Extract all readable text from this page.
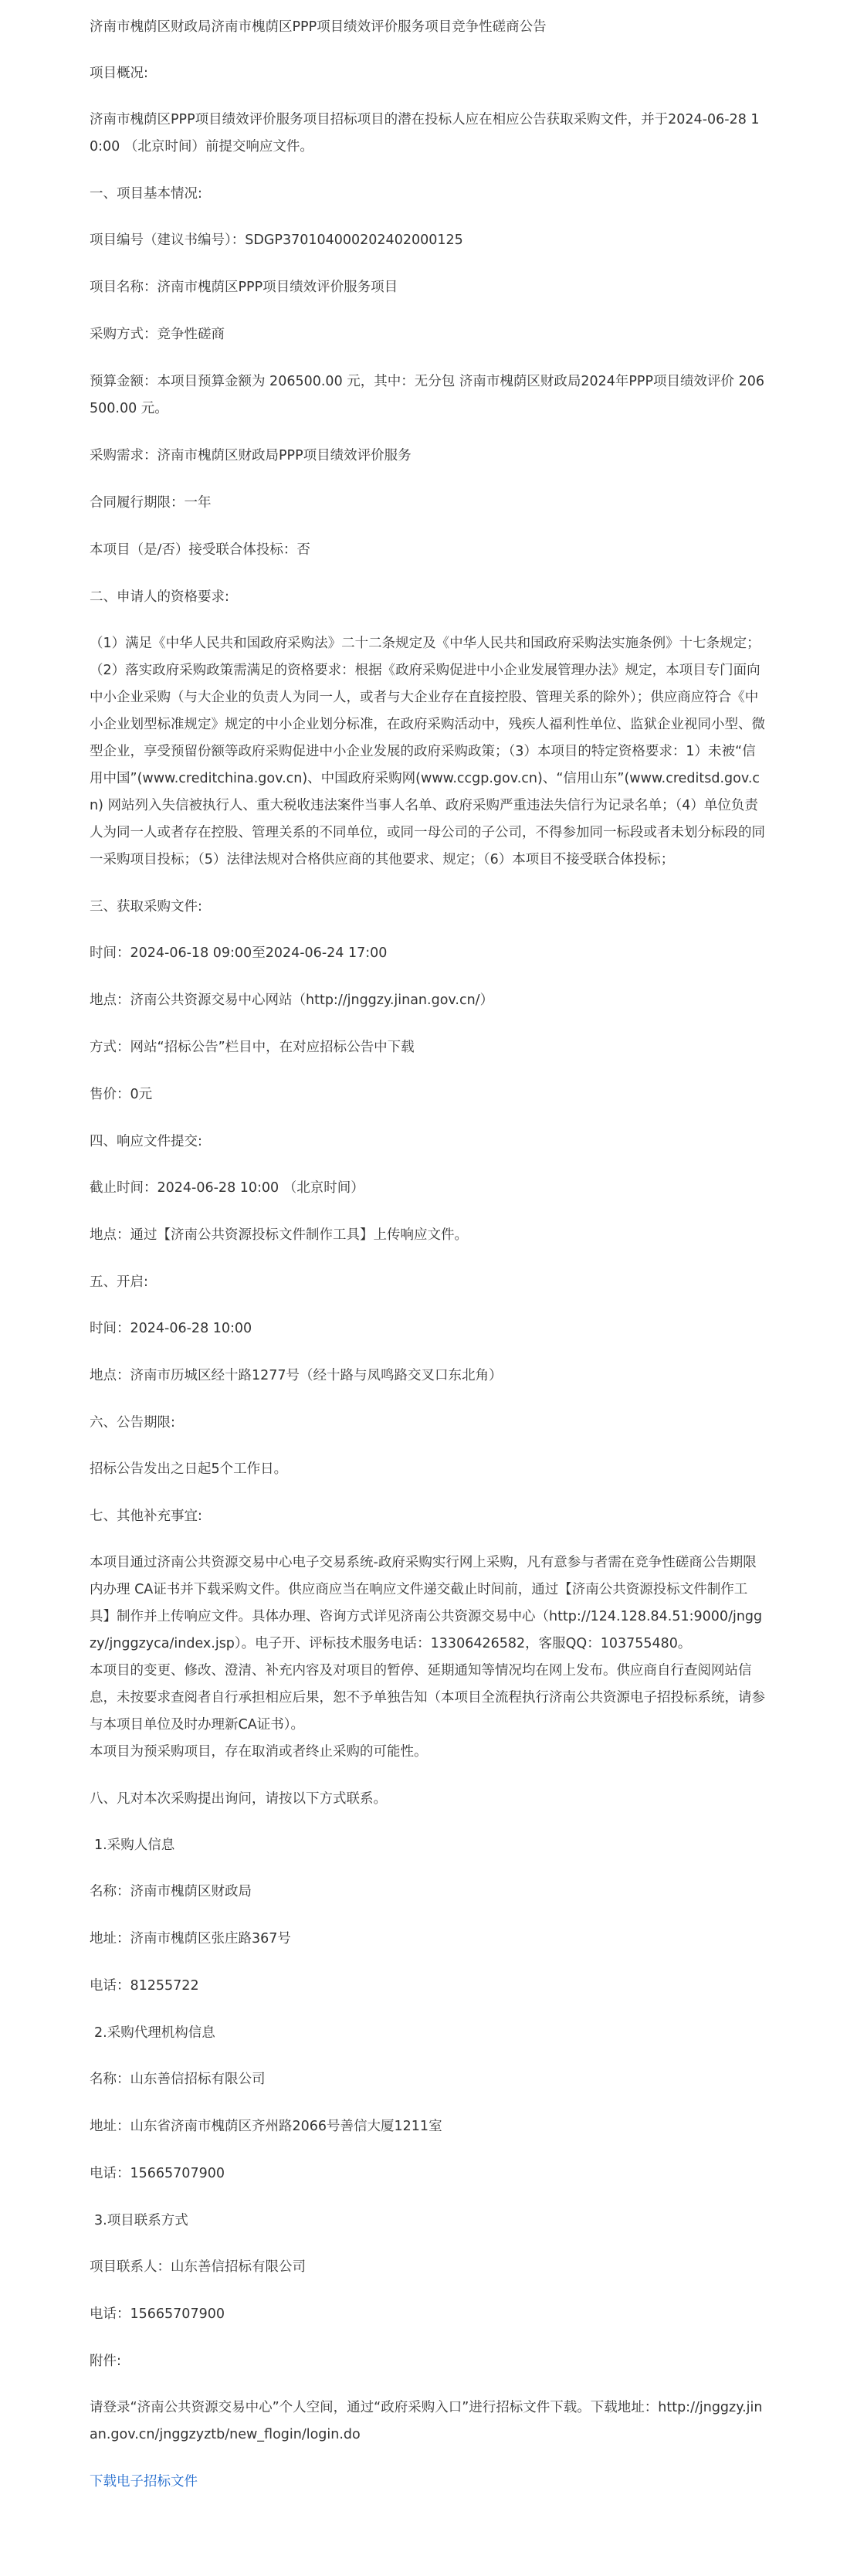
济南市槐荫区财政局济南市槐荫区PPP项目绩效评价服务项目竞争性磋商公告
项目概况:
济南市槐荫区PPP项目绩效评价服务项目招标项目的潜在投标人应在相应公告获取采购文件，并于2024-06-28 10:00 （北京时间）前提交响应文件。
一、项目基本情况:
项目编号（建议书编号）：SDGP370104000202402000125
项目名称：济南市槐荫区PPP项目绩效评价服务项目
采购方式：竞争性磋商
预算金额：本项目预算金额为 206500.00 元，其中：无分包 济南市槐荫区财政局2024年PPP项目绩效评价 206500.00 元。
采购需求：济南市槐荫区财政局PPP项目绩效评价服务
合同履行期限：一年
本项目（是/否）接受联合体投标：否
二、申请人的资格要求:
（1）满足《中华人民共和国政府采购法》二十二条规定及《中华人民共和国政府采购法实施条例》十七条规定；（2）落实政府采购政策需满足的资格要求：根据《政府采购促进中小企业发展管理办法》规定，本项目专门面向中小企业采购（与大企业的负责人为同一人，或者与大企业存在直接控股、管理关系的除外）；供应商应符合《中小企业划型标准规定》规定的中小企业划分标准，在政府采购活动中，残疾人福利性单位、监狱企业视同小型、微型企业，享受预留份额等政府采购促进中小企业发展的政府采购政策；（3）本项目的特定资格要求：1）未被“信用中国”(www.creditchina.gov.cn)、中国政府采购网(www.ccgp.gov.cn)、“信用山东”(www.creditsd.gov.cn) 网站列入失信被执行人、重大税收违法案件当事人名单、政府采购严重违法失信行为记录名单；（4）单位负责人为同一人或者存在控股、管理关系的不同单位，或同一母公司的子公司，不得参加同一标段或者未划分标段的同一采购项目投标；（5）法律法规对合格供应商的其他要求、规定；（6）本项目不接受联合体投标；
三、获取采购文件:
时间：2024-06-18 09:00至2024-06-24 17:00
地点：济南公共资源交易中心网站（http://jnggzy.jinan.gov.cn/）
方式：网站“招标公告”栏目中，在对应招标公告中下载
售价：0元
四、响应文件提交:
截止时间：2024-06-28 10:00 （北京时间）
地点：通过【济南公共资源投标文件制作工具】上传响应文件。
五、开启:
时间：2024-06-28 10:00
地点：济南市历城区经十路1277号（经十路与凤鸣路交叉口东北角）
六、公告期限:
招标公告发出之日起5个工作日。
七、其他补充事宜:
本项目通过济南公共资源交易中心电子交易系统-政府采购实行网上采购，凡有意参与者需在竞争性磋商公告期限内办理 CA证书并下载采购文件。供应商应当在响应文件递交截止时间前，通过【济南公共资源投标文件制作工具】制作并上传响应文件。具体办理、咨询方式详见济南公共资源交易中心（http://124.128.84.51:9000/jnggzy/jnggzyca/index.jsp）。电子开、评标技术服务电话：13306426582，客服QQ：103755480。
本项目的变更、修改、澄清、补充内容及对项目的暂停、延期通知等情况均在网上发布。供应商自行查阅网站信息，未按要求查阅者自行承担相应后果，恕不予单独告知（本项目全流程执行济南公共资源电子招投标系统，请参与本项目单位及时办理新CA证书）。
本项目为预采购项目，存在取消或者终止采购的可能性。
八、凡对本次采购提出询问，请按以下方式联系。
1.采购人信息
名称：济南市槐荫区财政局
地址：济南市槐荫区张庄路367号
电话：81255722
2.采购代理机构信息
名称：山东善信招标有限公司
地址：山东省济南市槐荫区齐州路2066号善信大厦1211室
电话：15665707900
3.项目联系方式
项目联系人：山东善信招标有限公司
电话：15665707900
附件:
请登录“济南公共资源交易中心”个人空间，通过“政府采购入口”进行招标文件下载。下载地址：http://jnggzy.jinan.gov.cn/jnggzyztb/new_flogin/login.do
下载电子招标文件
